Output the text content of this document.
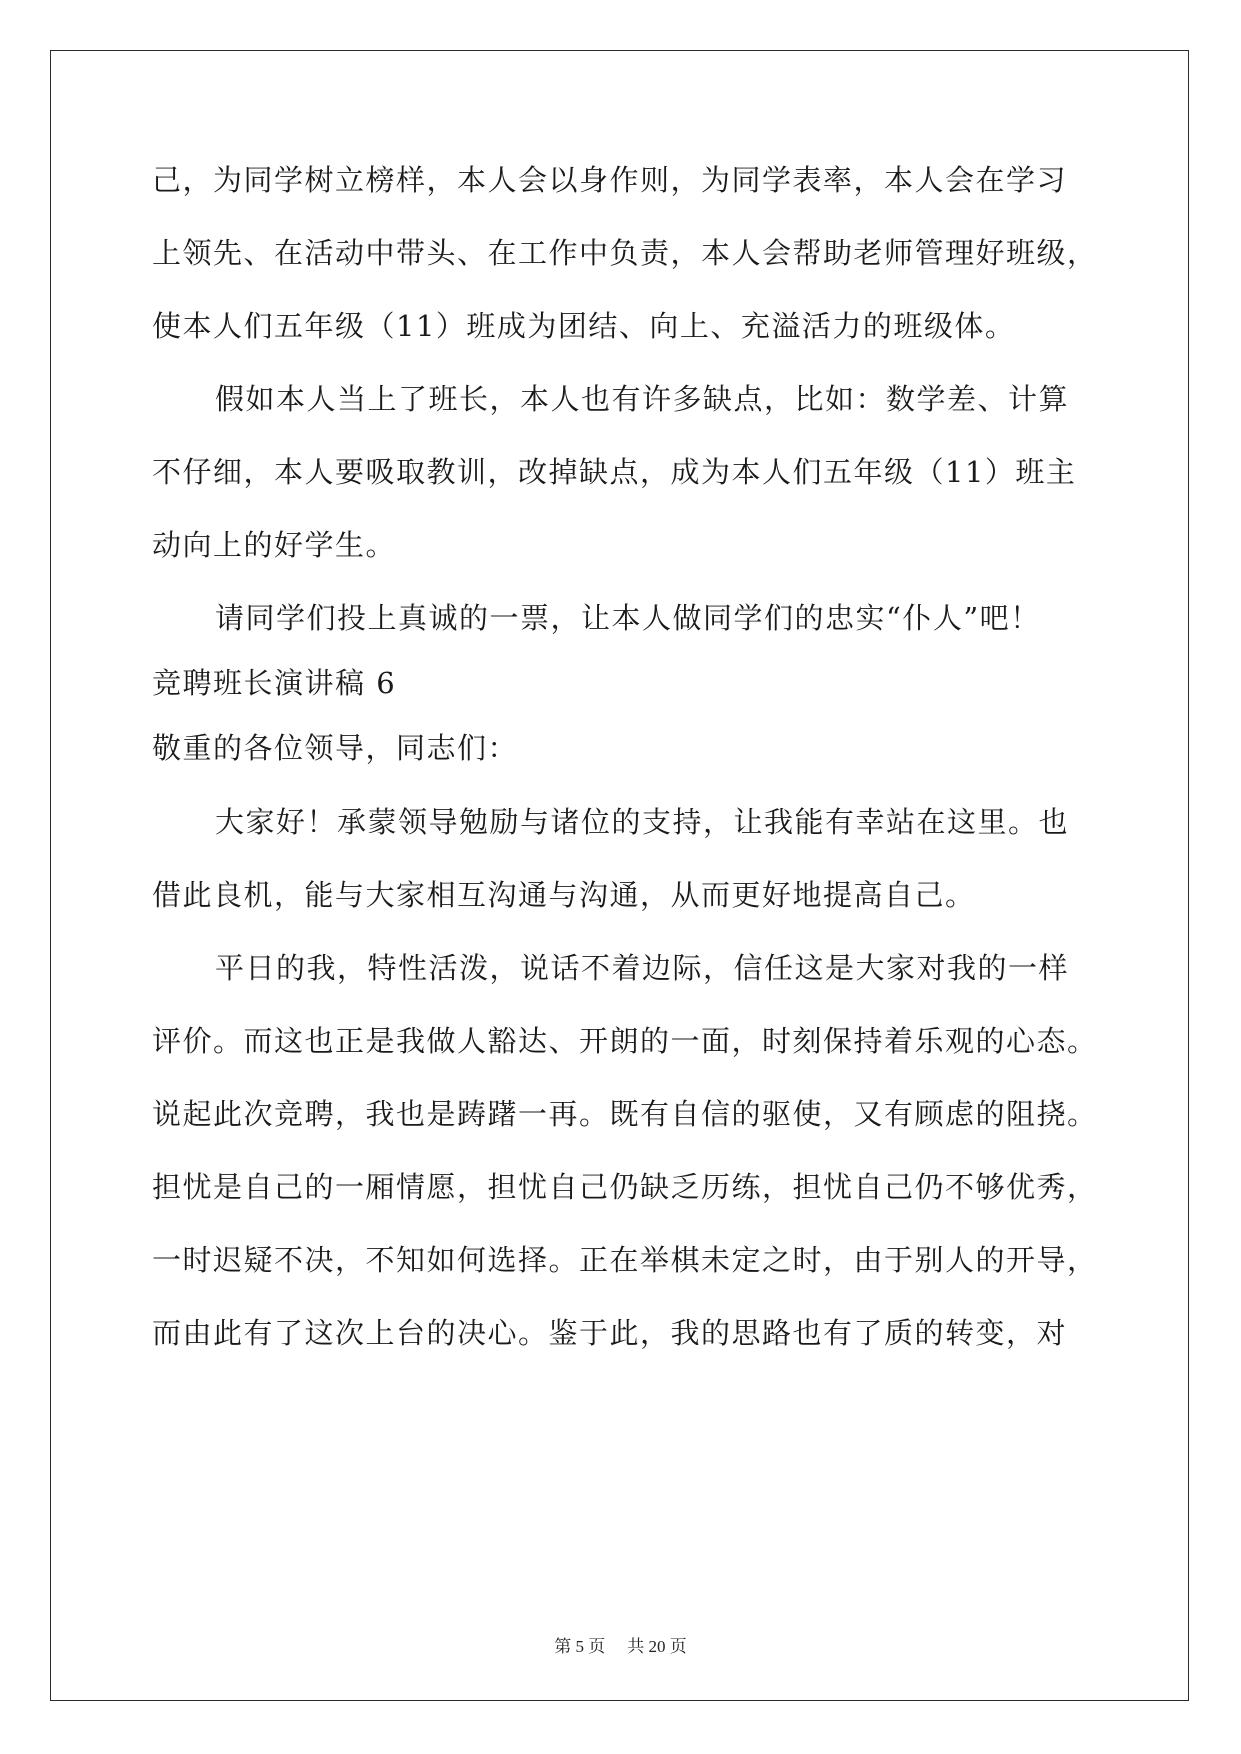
己，为同学树立榜样，本人会以身作则，为同学表率，本人会在学习
上领先、在活动中带头、在工作中负责，本人会帮助老师管理好班级，
使本人们五年级（11）班成为团结、向上、充溢活力的班级体。
假如本人当上了班长，本人也有许多缺点，比如：数学差、计算
不仔细，本人要吸取教训，改掉缺点，成为本人们五年级（11）班主
动向上的好学生。
请同学们投上真诚的一票，让本人做同学们的忠实“仆人”吧！
竞聘班长演讲稿 6
敬重的各位领导，同志们：
大家好！承蒙领导勉励与诸位的支持，让我能有幸站在这里。也
借此良机，能与大家相互沟通与沟通，从而更好地提高自己。
平日的我，特性活泼，说话不着边际，信任这是大家对我的一样
评价。而这也正是我做人豁达、开朗的一面，时刻保持着乐观的心态。
说起此次竞聘，我也是踌躇一再。既有自信的驱使，又有顾虑的阻挠。
担忧是自己的一厢情愿，担忧自己仍缺乏历练，担忧自己仍不够优秀，
一时迟疑不决，不知如何选择。正在举棋未定之时，由于别人的开导，
而由此有了这次上台的决心。鉴于此，我的思路也有了质的转变，对
第 5 页 共 20 页
